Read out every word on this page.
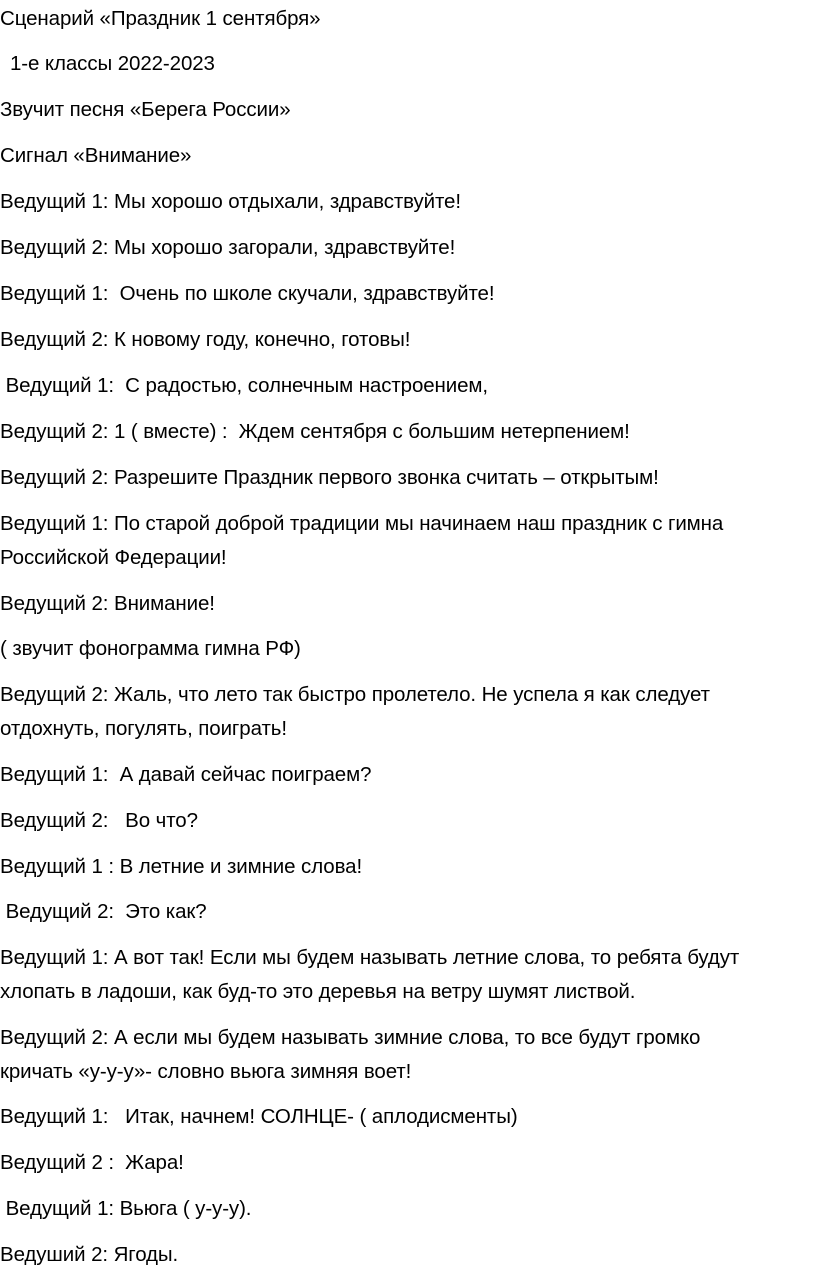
Сценарий «Праздник 1 сентября»

1-е классы 2022-2023

Звучит песня «Берега России»

Сигнал «Внимание»

Ведущий 1: Мы хорошо отдыхали, здравствуйте!

Ведущий 2: Мы хорошо загорали, здравствуйте!

Ведущий 1:  Очень по школе скучали, здравствуйте!

Ведущий 2: К новому году, конечно, готовы!

Ведущий 1:  С радостью, солнечным настроением,

Ведущий 2: 1 ( вместе) :  Ждем сентября с большим нетерпением!

Ведущий 2: Разрешите Праздник первого звонка считать – открытым!

Ведущий 1: По старой доброй традиции мы начинаем наш праздник с гимна
Российской Федерации!

Ведущий 2: Внимание!

( звучит фонограмма гимна РФ)

Ведущий 2: Жаль, что лето так быстро пролетело. Не успела я как следует
отдохнуть, погулять, поиграть!

Ведущий 1:  А давай сейчас поиграем?

Ведущий 2:   Во что?

Ведущий 1 : В летние и зимние слова!

Ведущий 2:  Это как?

Ведущий 1: А вот так! Если мы будем называть летние слова, то ребята будут
хлопать в ладоши, как буд-то это деревья на ветру шумят листвой.

Ведущий 2: А если мы будем называть зимние слова, то все будут громко
кричать «у-у-у»- словно вьюга зимняя воет!

Ведущий 1:   Итак, начнем! СОЛНЦЕ- ( аплодисменты)

Ведущий 2 :  Жара!

Ведущий 1: Вьюга ( у-у-у).

Ведуший 2: Ягоды.
